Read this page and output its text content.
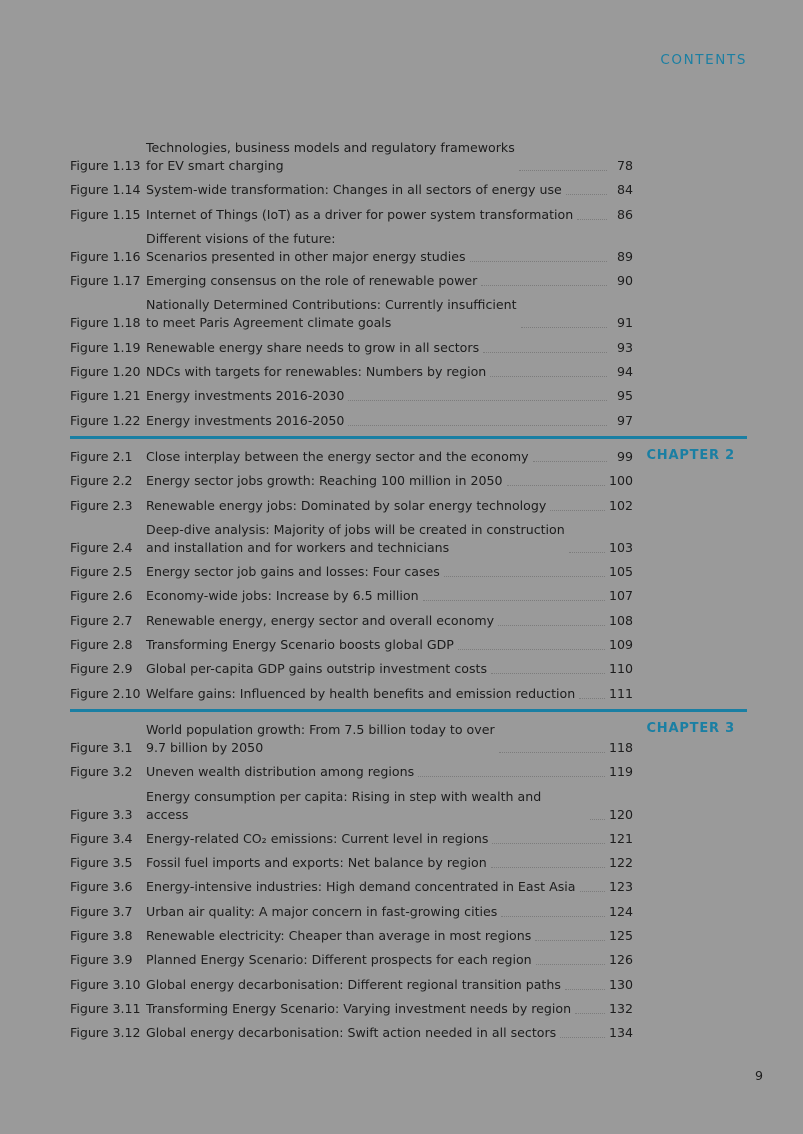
CONTENTS
Figure 1.13
Technologies, business models and regulatory frameworks
for EV smart charging	78
Figure 1.14 System-wide transformation: Changes in all sectors of energy use	84
Figure 1.15 Internet of Things (IoT) as a driver for power system transformation	86
Figure 1.16
Different visions of the future:
Scenarios presented in other major energy studies	89
Figure 1.17 Emerging consensus on the role of renewable power	90
Figure 1.18
Nationally Determined Contributions: Currently insufficient
to meet Paris Agreement climate goals	91
Figure 1.19 Renewable energy share needs to grow in all sectors	93
Figure 1.20 NDCs with targets for renewables: Numbers by region	94
Figure 1.21 Energy investments 2016-2030	95
Figure 1.22 Energy investments 2016-2050	97
CHAPTER 2
Figure 2.1	Close interplay between the energy sector and the economy	99
Figure 2.2	Energy sector jobs growth: Reaching 100 million in 2050	100
Figure 2.3	Renewable energy jobs: Dominated by solar energy technology	102
Figure 2.4
Deep-dive analysis: Majority of jobs will be created in construction
and installation and for workers and technicians	103
Figure 2.5	Energy sector job gains and losses: Four cases	105
Figure 2.6	Economy-wide jobs: Increase by 6.5 million	107
Figure 2.7	Renewable energy, energy sector and overall economy	108
Figure 2.8	Transforming Energy Scenario boosts global GDP	109
Figure 2.9	Global per-capita GDP gains outstrip investment costs	110
Figure 2.10 Welfare gains: Influenced by health benefits and emission reduction	111
CHAPTER 3
Figure 3.1
World population growth: From 7.5 billion today to over
9.7 billion by 2050	118
Figure 3.2	Uneven wealth distribution among regions	119
Figure 3.3
Energy consumption per capita: Rising in step with wealth and access	120
Figure 3.4	Energy-related CO₂ emissions: Current level in regions	121
Figure 3.5	Fossil fuel imports and exports: Net balance by region	122
Figure 3.6	Energy-intensive industries: High demand concentrated in East Asia	123
Figure 3.7	Urban air quality: A major concern in fast-growing cities	124
Figure 3.8	Renewable electricity: Cheaper than average in most regions	125
Figure 3.9	Planned Energy Scenario: Different prospects for each region	126
Figure 3.10 Global energy decarbonisation: Different regional transition paths	130
Figure 3.11 Transforming Energy Scenario: Varying investment needs by region	132
Figure 3.12 Global energy decarbonisation: Swift action needed in all sectors	134
9
